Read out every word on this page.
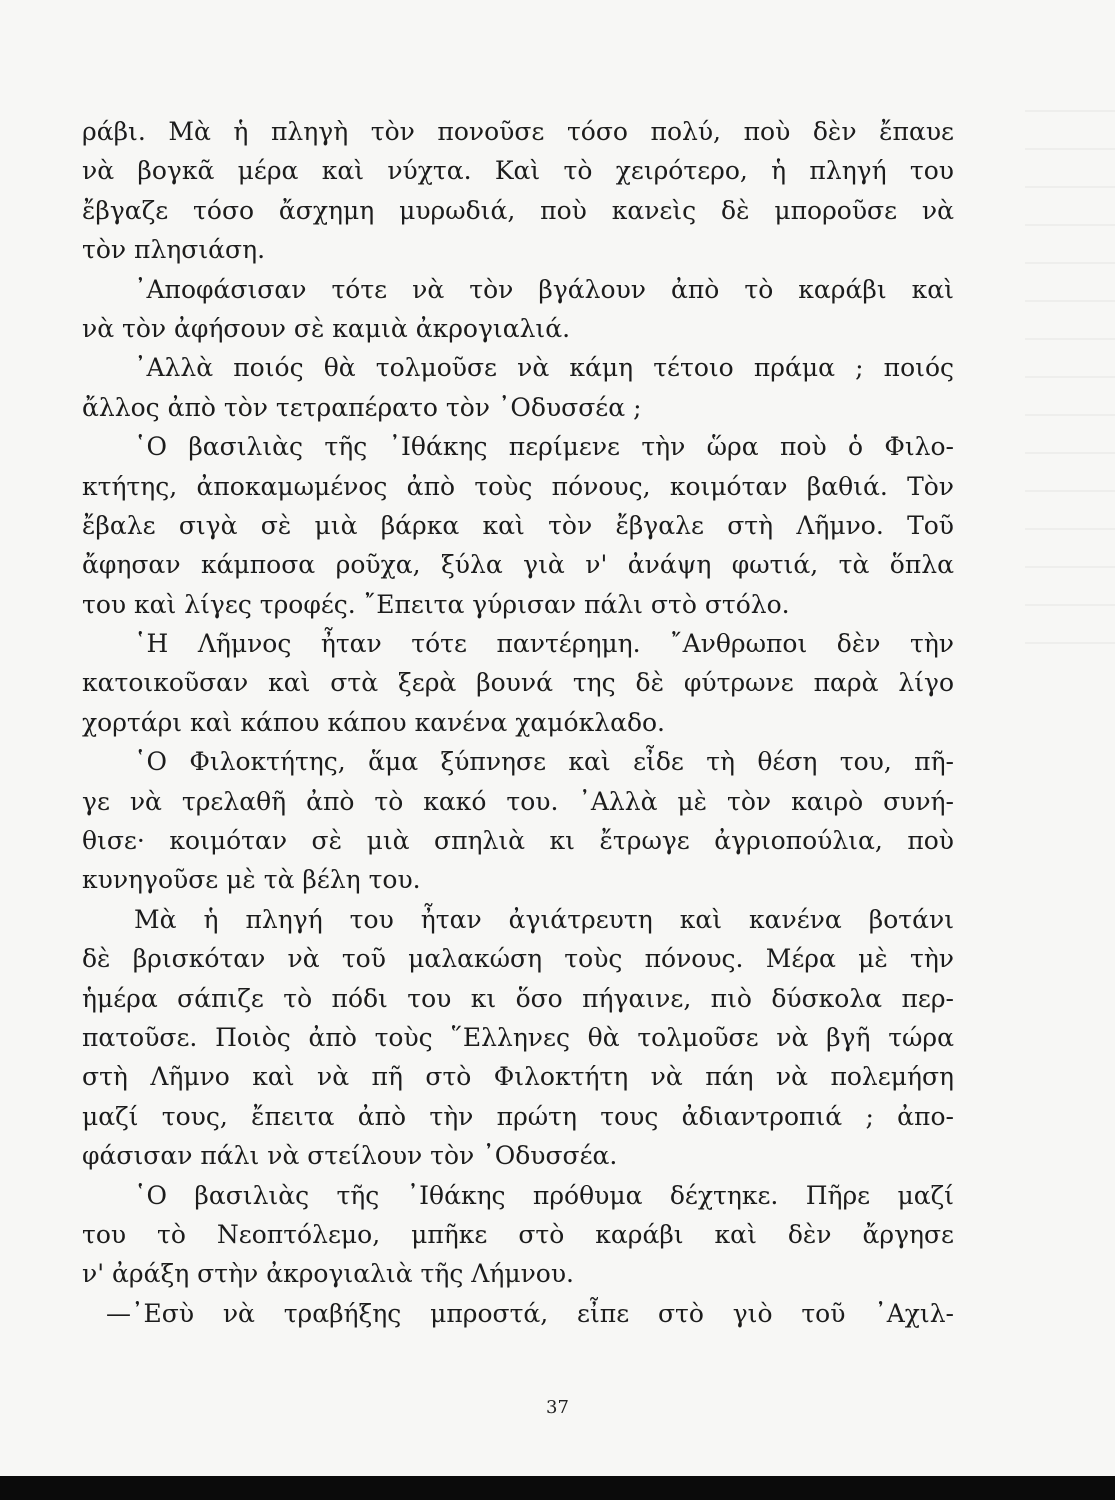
ράβι. Μὰ ἡ πληγὴ τὸν πονοῦσε τόσο πολύ, ποὺ δὲν ἔπαυε
νὰ βογκᾶ μέρα καὶ νύχτα. Καὶ τὸ χειρότερο, ἡ πληγή του
ἔβγαζε τόσο ἄσχημη μυρωδιά, ποὺ κανεὶς δὲ μποροῦσε νὰ
τὸν πλησιάση.
᾿Αποφάσισαν τότε νὰ τὸν βγάλουν ἀπὸ τὸ καράβι καὶ
νὰ τὸν ἀφήσουν σὲ καμιὰ ἀκρογιαλιά.
᾿Αλλὰ ποιός θὰ τολμοῦσε νὰ κάμη τέτοιο πράμα ; ποιός
ἄλλος ἀπὸ τὸν τετραπέρατο τὸν ᾿Οδυσσέα ;
῾Ο βασιλιὰς τῆς ᾿Ιθάκης περίμενε τὴν ὥρα ποὺ ὁ Φιλο-
κτήτης, ἀποκαμωμένος ἀπὸ τοὺς πόνους, κοιμόταν βαθιά. Τὸν
ἔβαλε σιγὰ σὲ μιὰ βάρκα καὶ τὸν ἔβγαλε στὴ Λῆμνο. Τοῦ
ἄφησαν κάμποσα ροῦχα, ξύλα γιὰ ν' ἀνάψη φωτιά, τὰ ὅπλα
του καὶ λίγες τροφές. ῎Επειτα γύρισαν πάλι στὸ στόλο.
῾Η Λῆμνος ἦταν τότε παντέρημη. ῎Ανθρωποι δὲν τὴν
κατοικοῦσαν καὶ στὰ ξερὰ βουνά της δὲ φύτρωνε παρὰ λίγο
χορτάρι καὶ κάπου κάπου κανένα χαμόκλαδο.
῾Ο Φιλοκτήτης, ἅμα ξύπνησε καὶ εἶδε τὴ θέση του, πῆ-
γε νὰ τρελαθῆ ἀπὸ τὸ κακό του. ᾿Αλλὰ μὲ τὸν καιρὸ συνή-
θισε· κοιμόταν σὲ μιὰ σπηλιὰ κι ἔτρωγε ἀγριοπούλια, ποὺ
κυνηγοῦσε μὲ τὰ βέλη του.
Μὰ ἡ πληγή του ἦταν ἀγιάτρευτη καὶ κανένα βοτάνι
δὲ βρισκόταν νὰ τοῦ μαλακώση τοὺς πόνους. Μέρα μὲ τὴν
ἡμέρα σάπιζε τὸ πόδι του κι ὅσο πήγαινε, πιὸ δύσκολα περ-
πατοῦσε. Ποιὸς ἀπὸ τοὺς ῞Ελληνες θὰ τολμοῦσε νὰ βγῆ τώρα
στὴ Λῆμνο καὶ νὰ πῆ στὸ Φιλοκτήτη νὰ πάη νὰ πολεμήση
μαζί τους, ἔπειτα ἀπὸ τὴν πρώτη τους ἀδιαντροπιά ; ἀπο-
φάσισαν πάλι νὰ στείλουν τὸν ᾿Οδυσσέα.
῾Ο βασιλιὰς τῆς ᾿Ιθάκης πρόθυμα δέχτηκε. Πῆρε μαζί
του τὸ Νεοπτόλεμο, μπῆκε στὸ καράβι καὶ δὲν ἄργησε
ν' ἀράξη στὴν ἀκρογιαλιὰ τῆς Λήμνου.
—᾿Εσὺ νὰ τραβήξης μπροστά, εἶπε στὸ γιὸ τοῦ ᾿Αχιλ-
37
